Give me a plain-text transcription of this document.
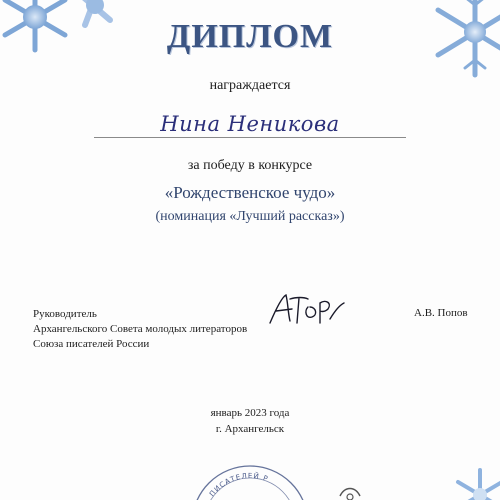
ДИПЛОМ
награждается
Нина Неникова
за победу в конкурсе
«Рождественское чудо»
(номинация «Лучший рассказ»)
Руководитель
Архангельского Совета молодых литераторов
Союза писателей России
А.В. Попов
январь 2023 года
г. Архангельск
ПИСАТЕЛЕЙ Р
